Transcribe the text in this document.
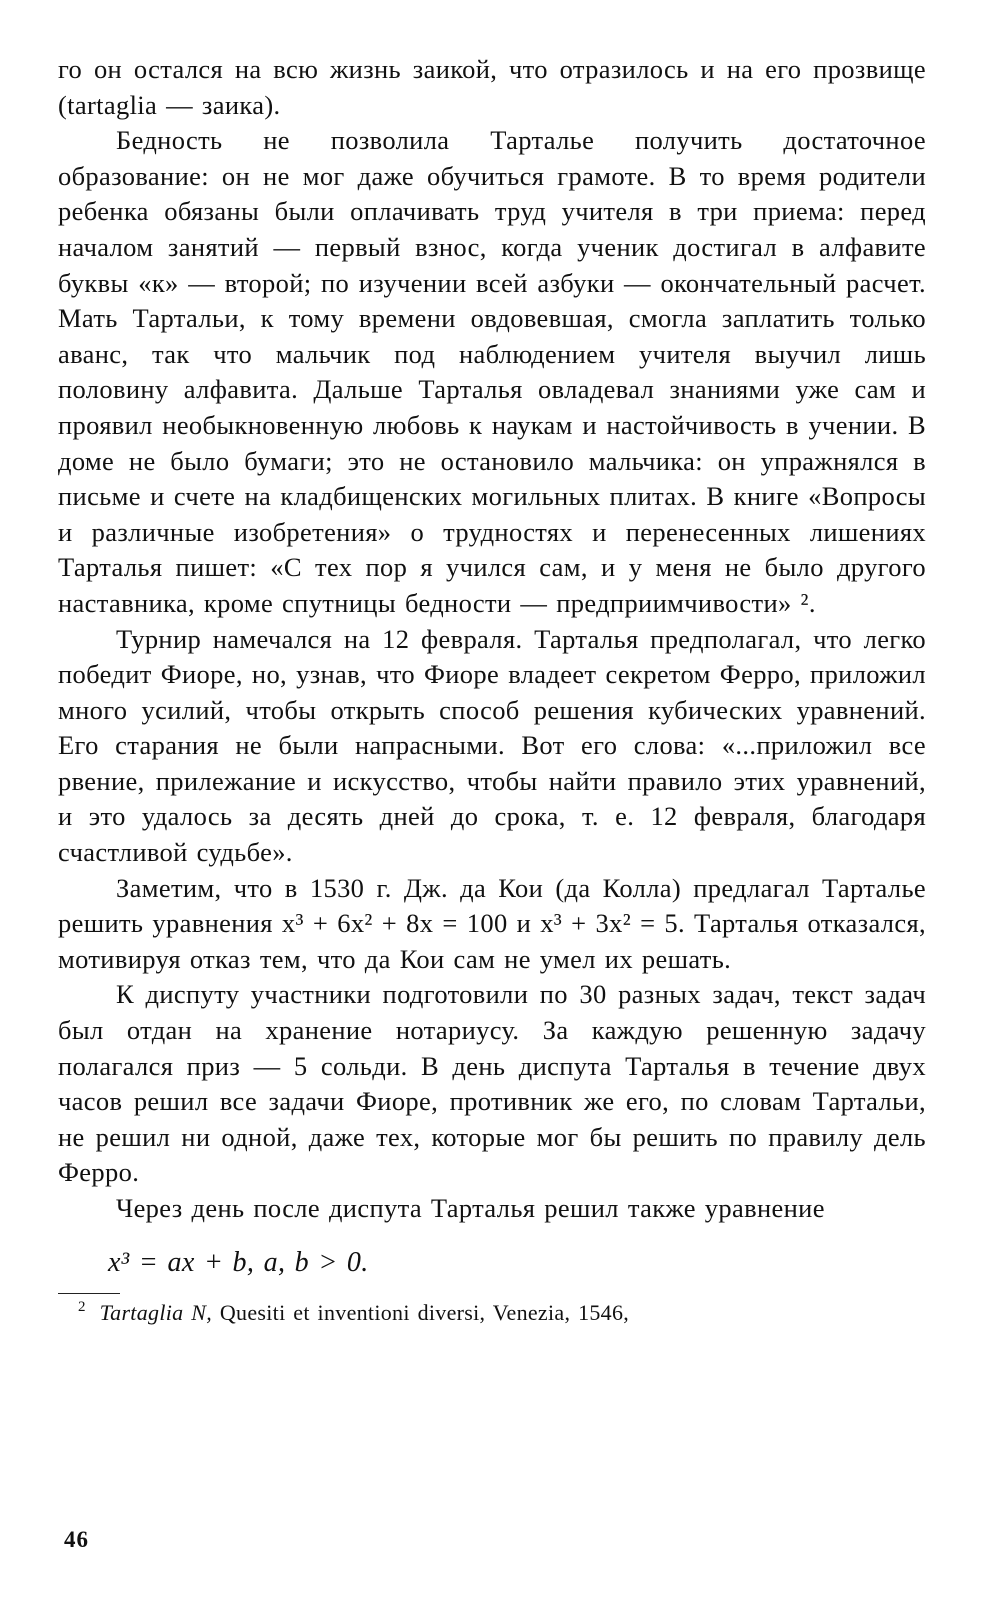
го он остался на всю жизнь заикой, что отразилось и на его прозвище (tartaglia — заика).

Бедность не позволила Тарталье получить достаточное образование: он не мог даже обучиться грамоте. В то время родители ребенка обязаны были оплачивать труд учителя в три приема: перед началом занятий — первый взнос, когда ученик достигал в алфавите буквы «к» — второй; по изучении всей азбуки — окончательный расчет. Мать Тартальи, к тому времени овдовевшая, смогла заплатить только аванс, так что мальчик под наблюдением учителя выучил лишь половину алфавита. Дальше Тарталья овладевал знаниями уже сам и проявил необыкновенную любовь к наукам и настойчивость в учении. В доме не было бумаги; это не остановило мальчика: он упражнялся в письме и счете на кладбищенских могильных плитах. В книге «Вопросы и различные изобретения» о трудностях и перенесенных лишениях Тарталья пишет: «С тех пор я учился сам, и у меня не было другого наставника, кроме спутницы бедности — предприимчивости» ².

Турнир намечался на 12 февраля. Тарталья предполагал, что легко победит Фиоре, но, узнав, что Фиоре владеет секретом Ферро, приложил много усилий, чтобы открыть способ решения кубических уравнений. Его старания не были напрасными. Вот его слова: «...приложил все рвение, прилежание и искусство, чтобы найти правило этих уравнений, и это удалось за десять дней до срока, т. е. 12 февраля, благодаря счастливой судьбе».

Заметим, что в 1530 г. Дж. да Кои (да Колла) предлагал Тарталье решить уравнения x³ + 6x² + 8x = 100 и x³ + 3x² = 5. Тарталья отказался, мотивируя отказ тем, что да Кои сам не умел их решать.

К диспуту участники подготовили по 30 разных задач, текст задач был отдан на хранение нотариусу. За каждую решенную задачу полагался приз — 5 сольди. В день диспута Тарталья в течение двух часов решил все задачи Фиоре, противник же его, по словам Тартальи, не решил ни одной, даже тех, которые мог бы решить по правилу дель Ферро.

Через день после диспута Тарталья решил также уравнение

x³ = ax + b, a, b > 0.

$^2$ Tartaglia N, Quesiti et inventioni diversi, Venezia, 1546,

46
